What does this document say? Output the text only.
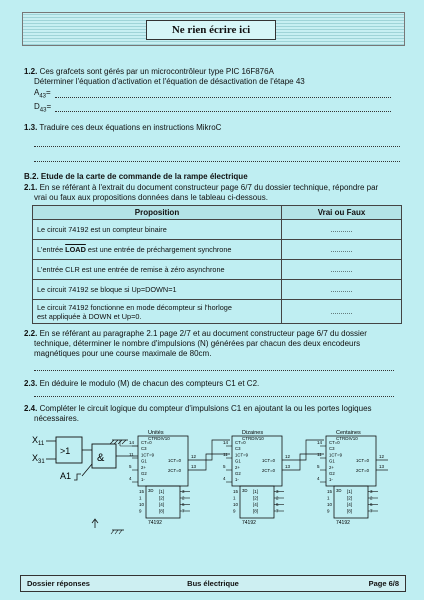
Ne rien écrire ici
1.2. Ces grafcets sont gérés par un microcontrôleur type PIC 16F876A
Déterminer l'équation d'activation et l'équation de désactivation de l'étape 43
$A_{43}=$
$D_{43}=$
1.3. Traduire ces deux équations en instructions MikroC
B.2. Etude de la carte de commande de la rampe électrique
2.1. En se référant à l'extrait du document constructeur page 6/7 du dossier technique, répondre par
vrai ou faux aux propositions données dans le tableau ci-dessous.
Proposition	Vrai ou Faux
Le circuit 74192 est un compteur binaire	...........
L'entrée LOAD est une entrée de préchargement synchrone	...........
L'entrée CLR est une entrée de remise à zéro asynchrone	...........
Le circuit 74192 se bloque si Up=DOWN=1	...........

Le circuit 74192 fonctionne en mode décompteur si l'horloge
est appliquée à DOWN et Up=0.	...........
2.2. En se référant au paragraphe 2.1 page 2/7 et au document constructeur page 6/7 du dossier
technique, déterminer le nombre d'impulsions (N) générées par chacun des deux encodeurs
magnétiques pour une course maximale de 80cm.
2.3. En déduire le modulo (M) de chacun des compteurs C1 et C2.
2.4. Compléter le circuit logique du compteur d'impulsions C1 en ajoutant la ou les portes logiques
nécessaires.
$X_{11}$
$X_{31}$
>1
&
A1
Unités
CTRDIV10
CT=0
C3
1CT=9
G1
2+
G2
1-
14
11
5
4
1CT=0
12
2CT=0
13
3D [1]
15	3
[2]
1	2
[4]
10	6
[8]
9	7
74192
Dizaines
CTRDIV10
CT=0
C3
1CT=9
G1
2+
G2
1-
14
11
5
4
1CT=0
12
2CT=0
13
3D [1]
15	3
[2]
1	2
[4]
10	6
[8]
9	7
74192
Centaines
CTRDIV10
CT=0
C3
1CT=9
G1
2+
G2
1-
14
11
5
4
1CT=0
12
2CT=0
13
3D [1]
15	3
[2]
1	2
[4]
10	6
[8]
9	7
74192
Dossier réponses	Bus électrique	Page 6/8
